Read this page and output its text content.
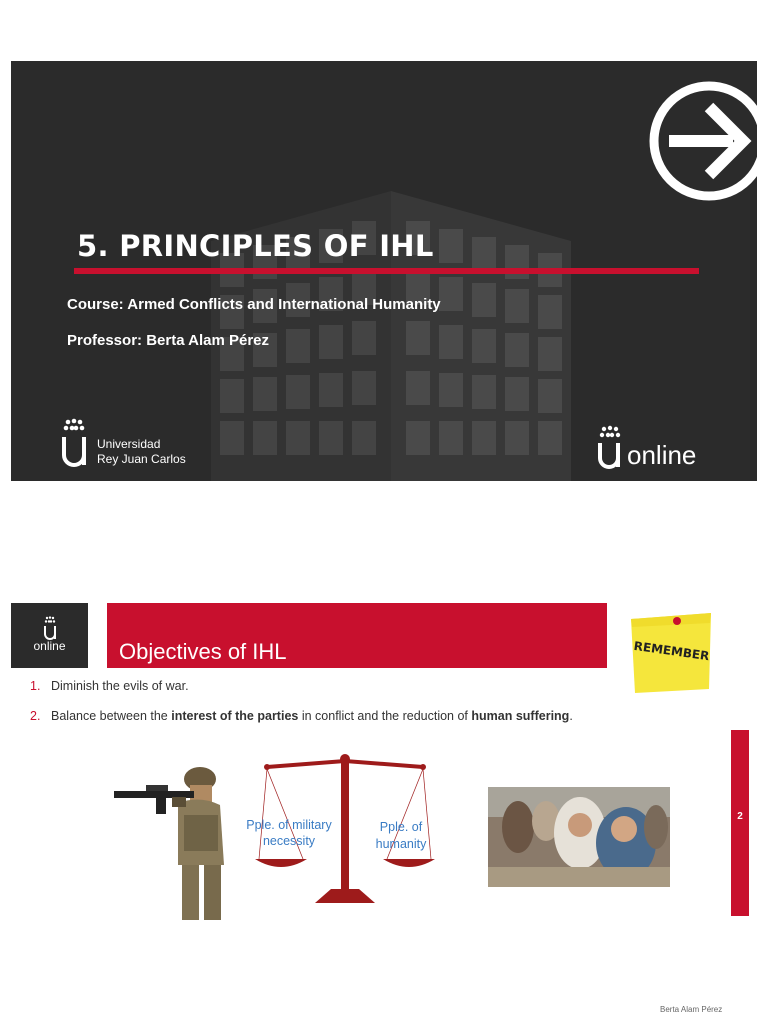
5. PRINCIPLES OF IHL
Course: Armed Conflicts and International Humanity
Professor: Berta Alam Pérez
Universidad
Rey Juan Carlos	online
online	Objectives of IHL	REMEMBER
1. Diminish the evils of war.
2. Balance between the interest of the parties in conflict and the reduction of human suffering.
Pple. of military necessity
Pple. of humanity
2
Berta Alam Pérez
